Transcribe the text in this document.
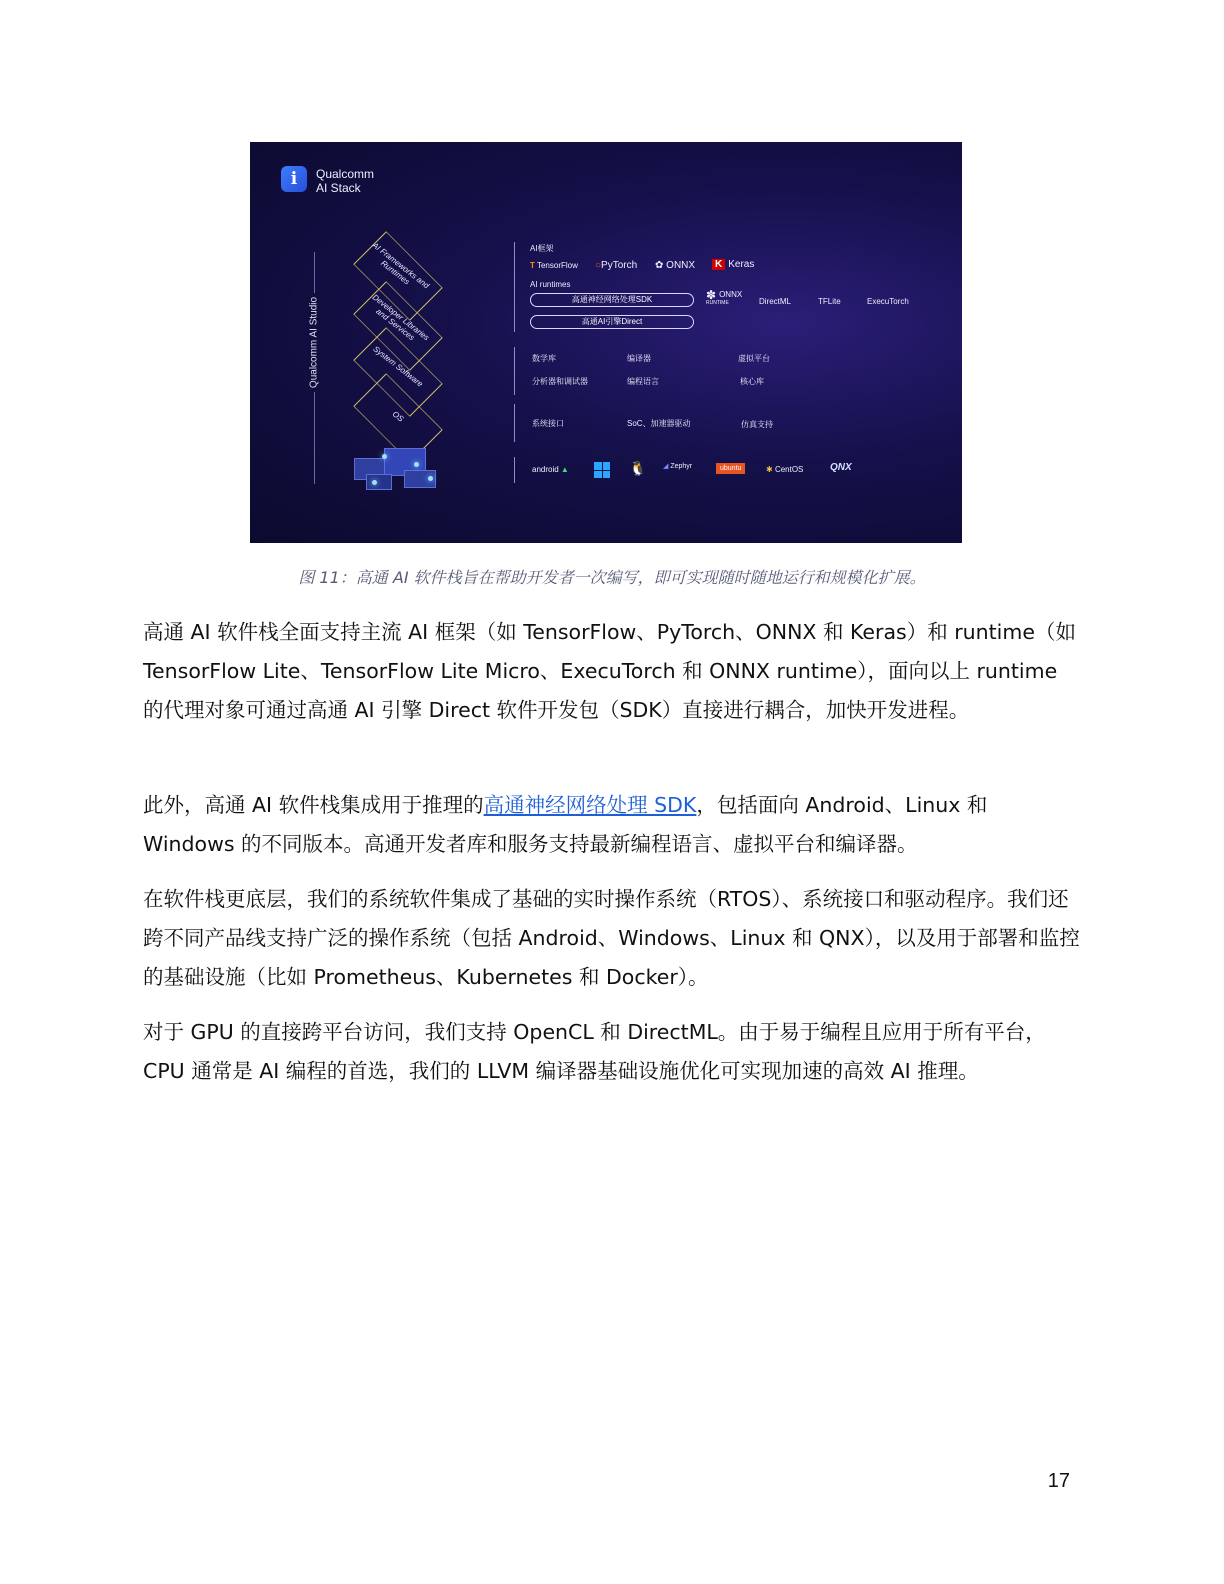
i Qualcomm
AI Stack
Qualcomm AI Studio
AI Frameworks and Runtimes
Developer Libraries and Services
System Software
OS
AI框架
T TensorFlow ○PyTorch ✿ ONNX	K Keras
AI runtimes
高通神经网络处理SDK
高通AI引擎Direct
✽ ONNX
RUNTIME	DirectML	TFLite	ExecuTorch
数学库	编译器	虚拟平台
分析器和调试器	编程语言	核心库
系统接口	SoC、加速器驱动	仿真支持
android ▲	🐧 ◢ Zephyr	ubuntu	✱ CentOS	QNX
图 11：高通 AI 软件栈旨在帮助开发者一次编写，即可实现随时随地运行和规模化扩展。
高通 AI 软件栈全面支持主流 AI 框架（如 TensorFlow、PyTorch、ONNX 和 Keras）和 runtime（如 TensorFlow Lite、TensorFlow Lite Micro、ExecuTorch 和 ONNX runtime），面向以上 runtime 的代理对象可通过高通 AI 引擎 Direct 软件开发包（SDK）直接进行耦合，加快开发进程。
此外，高通 AI 软件栈集成用于推理的高通神经网络处理 SDK，包括面向 Android、Linux 和 Windows 的不同版本。高通开发者库和服务支持最新编程语言、虚拟平台和编译器。
在软件栈更底层，我们的系统软件集成了基础的实时操作系统（RTOS）、系统接口和驱动程序。我们还跨不同产品线支持广泛的操作系统（包括 Android、Windows、Linux 和 QNX），以及用于部署和监控的基础设施（比如 Prometheus、Kubernetes 和 Docker）。
对于 GPU 的直接跨平台访问，我们支持 OpenCL 和 DirectML。由于易于编程且应用于所有平台，CPU 通常是 AI 编程的首选，我们的 LLVM 编译器基础设施优化可实现加速的高效 AI 推理。
17
